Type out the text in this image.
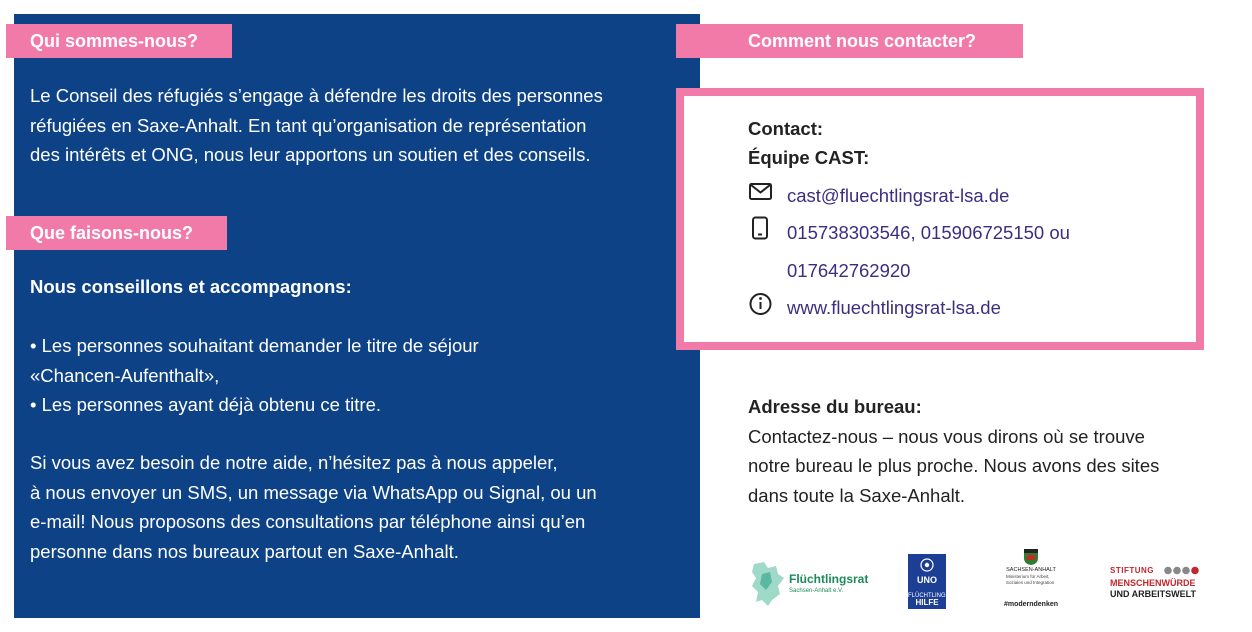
Qui sommes-nous?
Le Conseil des réfugiés s’engage à défendre les droits des personnes
réfugiées en Saxe-Anhalt. En tant qu’organisation de représentation
des intérêts et ONG, nous leur apportons un soutien et des conseils.
Que faisons-nous?
Nous conseillons et accompagnons:
• Les personnes souhaitant demander le titre de séjour
«Chancen-Aufenthalt»,
• Les personnes ayant déjà obtenu ce titre.
Si vous avez besoin de notre aide, n’hésitez pas à nous appeler,
à nous envoyer un SMS, un message via WhatsApp ou Signal, ou un
e-mail! Nous proposons des consultations par téléphone ainsi qu’en
personne dans nos bureaux partout en Saxe-Anhalt.
Comment nous contacter?
Contact:
Équipe CAST:
cast@fluechtlingsrat-lsa.de
015738303546, 015906725150 ou
017642762920
www.fluechtlingsrat-lsa.de
Adresse du bureau:
Contactez-nous – nous vous dirons où se trouve
notre bureau le plus proche. Nous avons des sites
dans toute la Saxe-Anhalt.
Flüchtlingsrat
Sachsen-Anhalt e.V.
UNO
FLÜCHTLINGS
HILFE
SACHSEN-ANHALT
Ministerium für Arbeit, Soziales und Integration
#moderndenken
STIFTUNG
MENSCHENWÜRDE
UND ARBEITSWELT
